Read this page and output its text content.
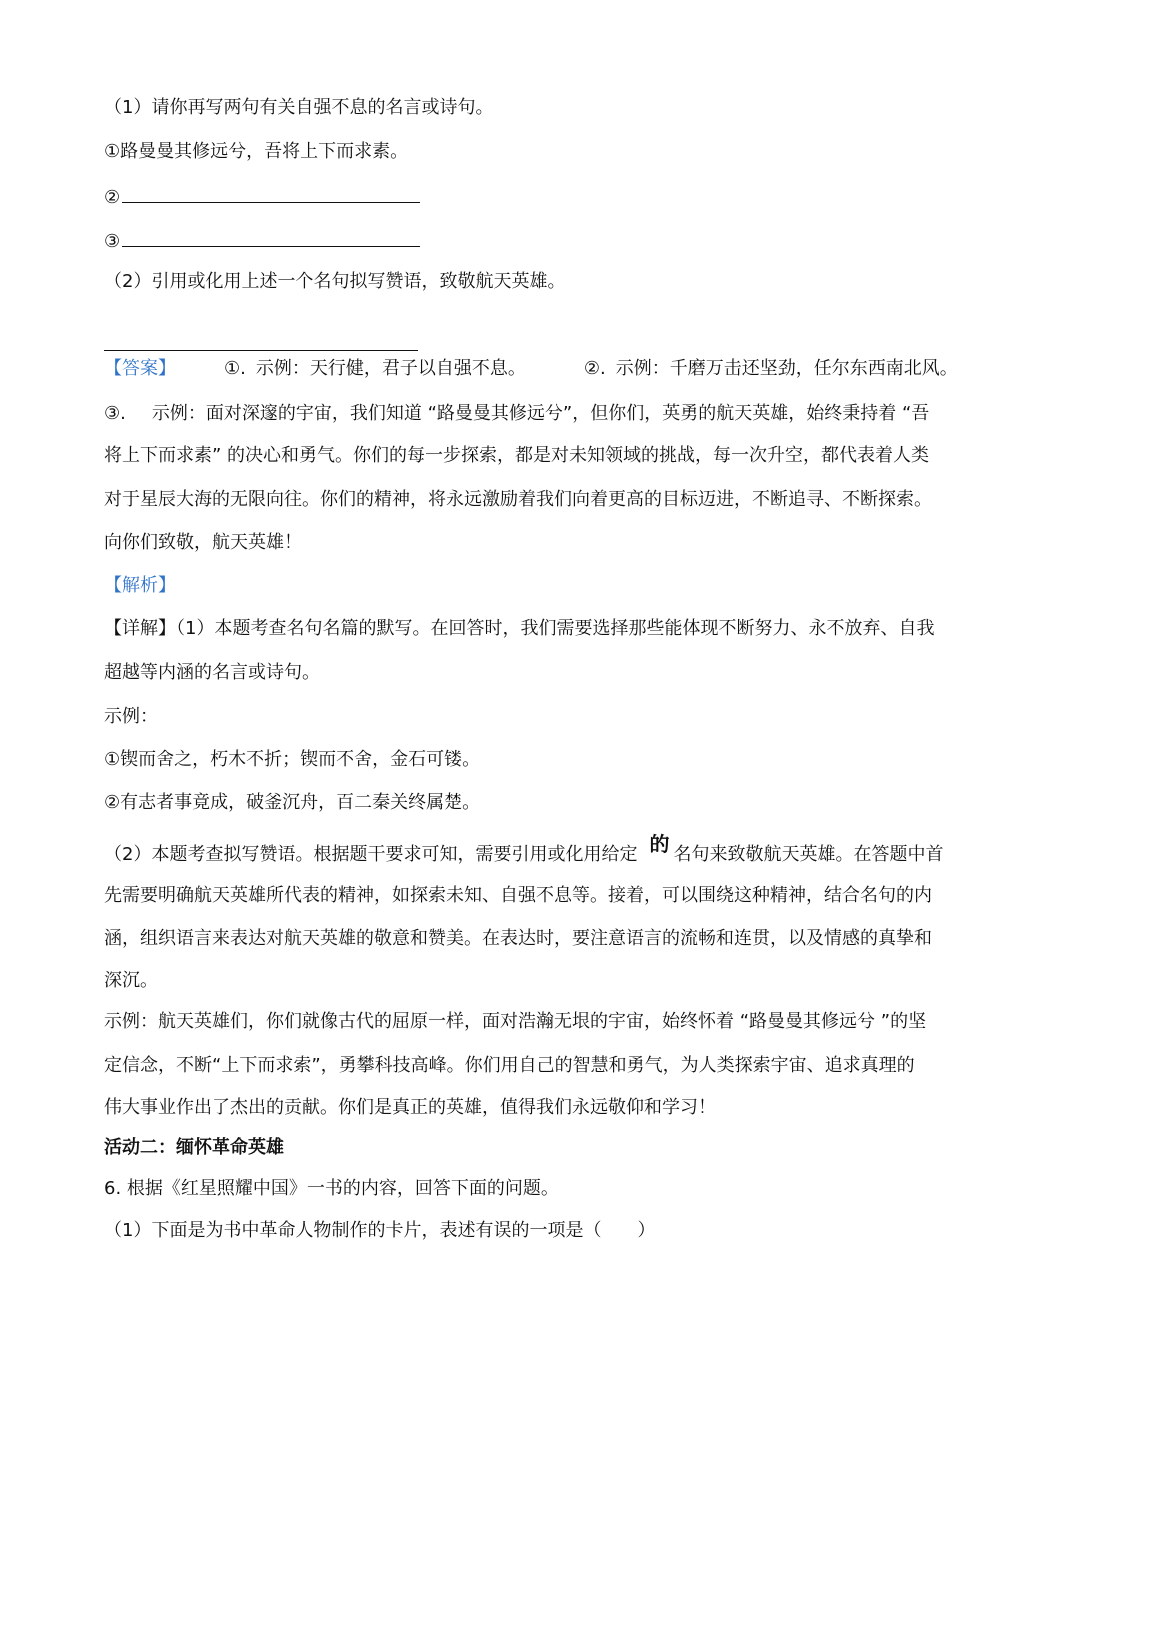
（1）请你再写两句有关自强不息的名言或诗句。
①路曼曼其修远兮，吾将上下而求素。
②
③
（2）引用或化用上述一个名句拟写赞语，致敬航天英雄。
【答案】	①. 示例：天行健，君子以自强不息。	②. 示例：千磨万击还坚劲，任尔东西南北风。
③. 示例：面对深邃的宇宙，我们知道 “路曼曼其修远兮”，但你们，英勇的航天英雄，始终秉持着 “吾
将上下而求素” 的决心和勇气。你们的每一步探索，都是对未知领域的挑战，每一次升空，都代表着人类
对于星辰大海的无限向往。你们的精神，将永远激励着我们向着更高的目标迈进，不断追寻、不断探索。
向你们致敬，航天英雄！
【解析】
【详解】（1）本题考查名句名篇的默写。在回答时，我们需要选择那些能体现不断努力、永不放弃、自我
超越等内涵的名言或诗句。
示例：
①锲而舍之，朽木不折；锲而不舍，金石可镂。
②有志者事竟成，破釜沉舟，百二秦关终属楚。
（2）本题考查拟写赞语。根据题干要求可知，需要引用或化用给定 的 名句来致敬航天英雄。在答题中首
先需要明确航天英雄所代表的精神，如探索未知、自强不息等。接着，可以围绕这种精神，结合名句的内
涵，组织语言来表达对航天英雄的敬意和赞美。在表达时，要注意语言的流畅和连贯，以及情感的真挚和
深沉。
示例：航天英雄们，你们就像古代的屈原一样，面对浩瀚无垠的宇宙，始终怀着 “路曼曼其修远兮 ”的坚
定信念，不断“上下而求索”，勇攀科技高峰。你们用自己的智慧和勇气，为人类探索宇宙、追求真理的
伟大事业作出了杰出的贡献。你们是真正的英雄，值得我们永远敬仰和学习！
活动二：缅怀革命英雄
6. 根据《红星照耀中国》一书的内容，回答下面的问题。
（1）下面是为书中革命人物制作的卡片，表述有误的一项是（　　）
